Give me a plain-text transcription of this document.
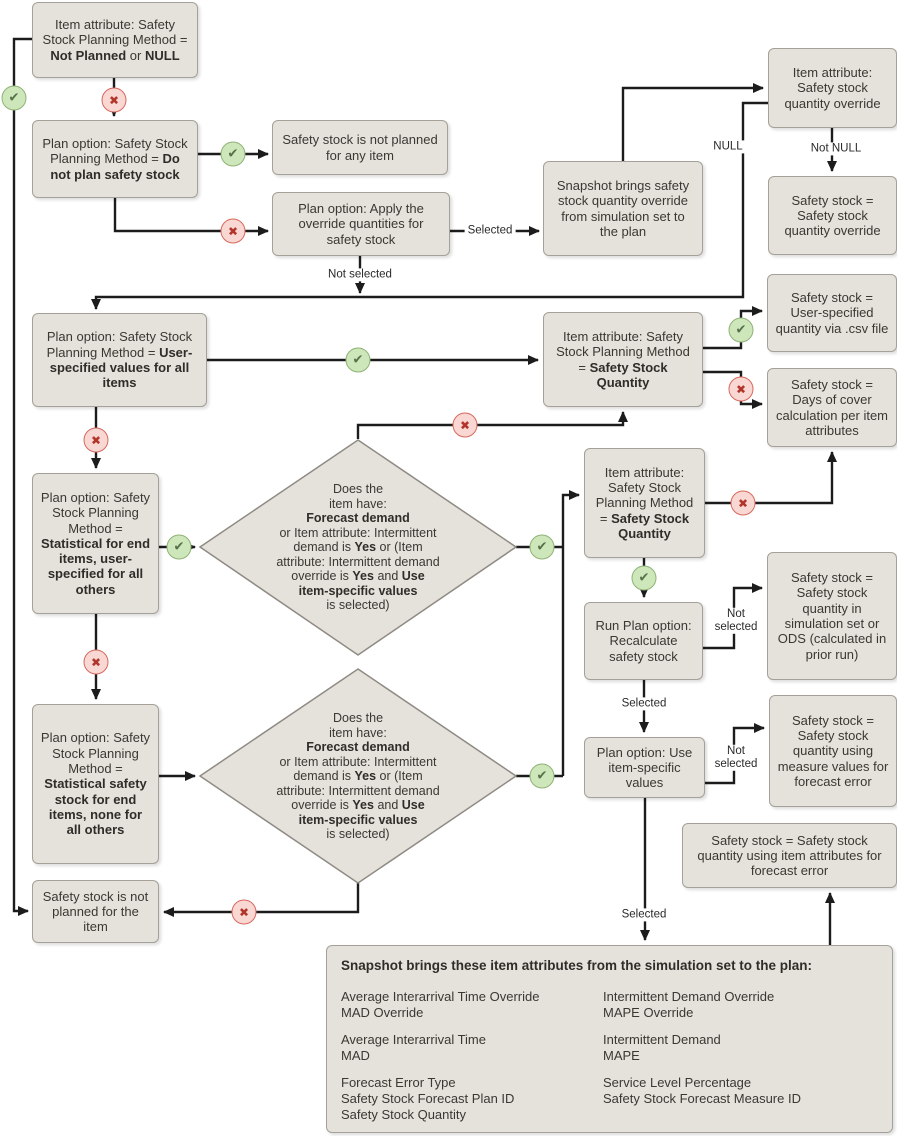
Item attribute: Safety Stock Planning Method = Not Planned or NULL
Plan option: Safety Stock Planning Method = Do not plan safety stock
Safety stock is not planned for any item
Plan option: Apply the override quantities for safety stock
Snapshot brings safety stock quantity override from simulation set to the plan
Item attribute: Safety stock quantity override
Safety stock = Safety stock quantity override
Plan option: Safety Stock Planning Method = User-specified values for all items
Item attribute: Safety Stock Planning Method = Safety Stock Quantity
Safety stock = User-specified quantity via .csv file
Safety stock = Days of cover calculation per item attributes
Plan option: Safety Stock Planning Method = Statistical for end items, user-specified for all others
Item attribute: Safety Stock Planning Method = Safety Stock Quantity
Safety stock = Safety stock quantity in simulation set or ODS (calculated in prior run)
Run Plan option: Recalculate safety stock
Plan option: Safety Stock Planning Method = Statistical safety stock for end items, none for all others
Safety stock is not planned for the item
Plan option: Use item-specific values
Safety stock = Safety stock quantity using measure values for forecast error
Safety stock = Safety stock quantity using item attributes for forecast error
Does the
item have:
Forecast demand
or Item attribute: Intermittent
demand is Yes or (Item
attribute: Intermittent demand
override is Yes and Use
item-specific values
is selected)
Does the
item have:
Forecast demand
or Item attribute: Intermittent
demand is Yes or (Item
attribute: Intermittent demand
override is Yes and Use
item-specific values
is selected)
Snapshot brings these item attributes from the simulation set to the plan:
Average Interarrival Time Override
MAD Override
Average Interarrival Time
MAD
Forecast Error Type
Safety Stock Forecast Plan ID
Safety Stock Quantity
Intermittent Demand Override
MAPE Override
Intermittent Demand
MAPE
Service Level Percentage
Safety Stock Forecast Measure ID
✔	✖
✔
✖
✔
✖
✖
✔
✖
✔
✔
✖
✖
✔
✔
✖
Not selected
Selected
NULL	Not NULL
Not selected
Selected
Not selected
Selected
